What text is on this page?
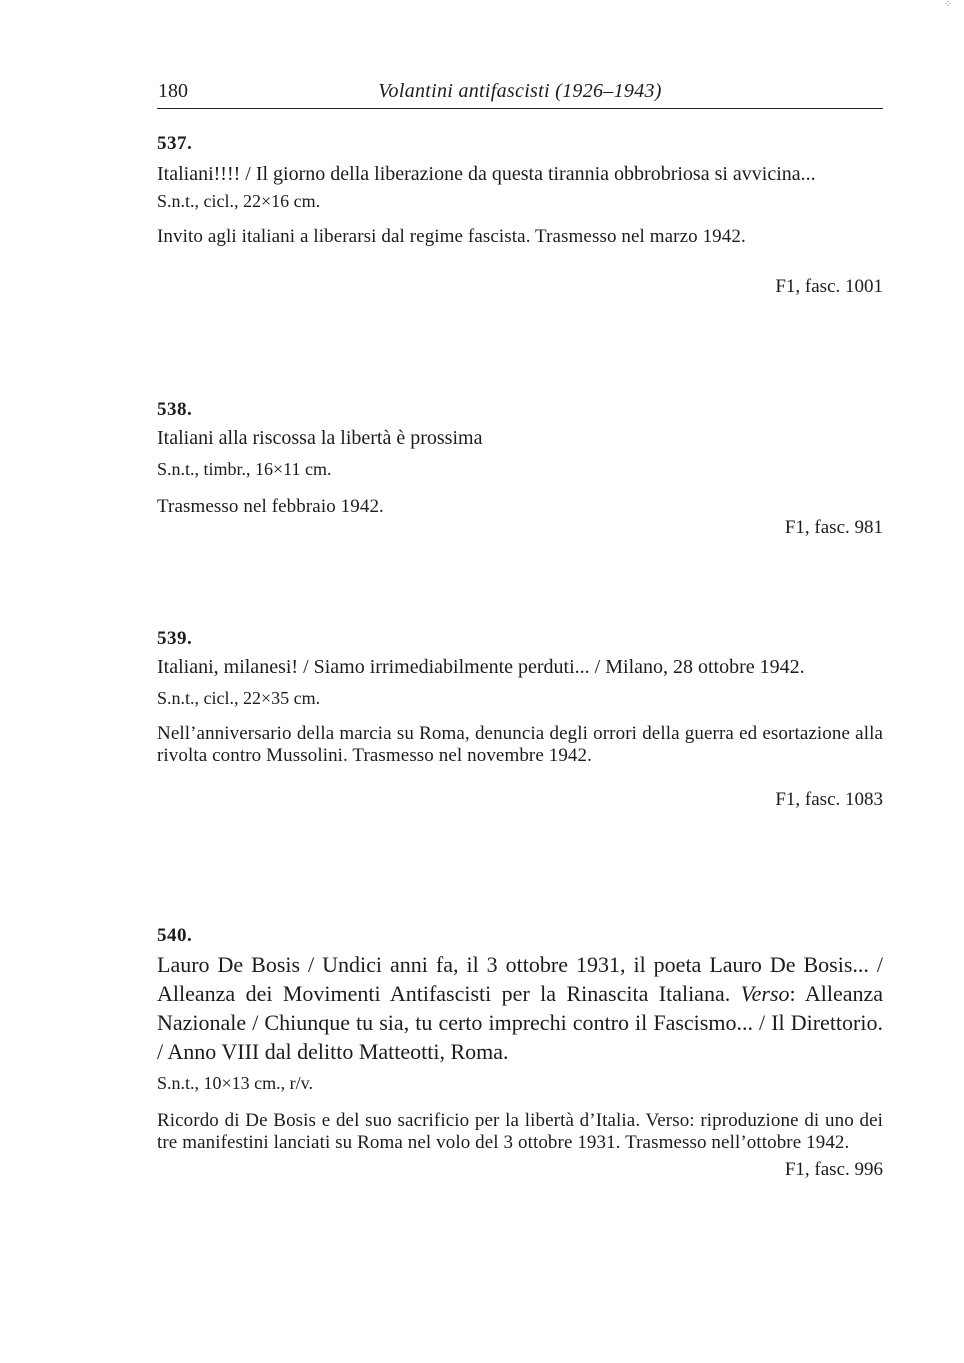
⁘
180	Volantini antifascisti (1926–1943)
537.
Italiani!!!! / Il giorno della liberazione da questa tirannia obbrobriosa si avvicina...
S.n.t., cicl., 22×16 cm.
Invito agli italiani a liberarsi dal regime fascista. Trasmesso nel marzo 1942.
F1, fasc. 1001
538.
Italiani alla riscossa la libertà è prossima
S.n.t., timbr., 16×11 cm.
Trasmesso nel febbraio 1942.
F1, fasc. 981
539.
Italiani, milanesi! / Siamo irrimediabilmente perduti... / Milano, 28 ottobre 1942.
S.n.t., cicl., 22×35 cm.
Nell’anniversario della marcia su Roma, denuncia degli orrori della guerra ed esortazione alla rivolta contro Mussolini. Trasmesso nel novembre 1942.
F1, fasc. 1083
540.
Lauro De Bosis / Undici anni fa, il 3 ottobre 1931, il poeta Lauro De Bosis... / Alleanza dei Movimenti Antifascisti per la Rinascita Italiana. Verso: Alleanza Nazionale / Chiunque tu sia, tu certo imprechi contro il Fascismo... / Il Direttorio. / Anno VIII dal delitto Matteotti, Roma.
S.n.t., 10×13 cm., r/v.
Ricordo di De Bosis e del suo sacrificio per la libertà d’Italia. Verso: riproduzione di uno dei tre manifestini lanciati su Roma nel volo del 3 ottobre 1931. Trasmesso nell’ottobre 1942.
F1, fasc. 996
